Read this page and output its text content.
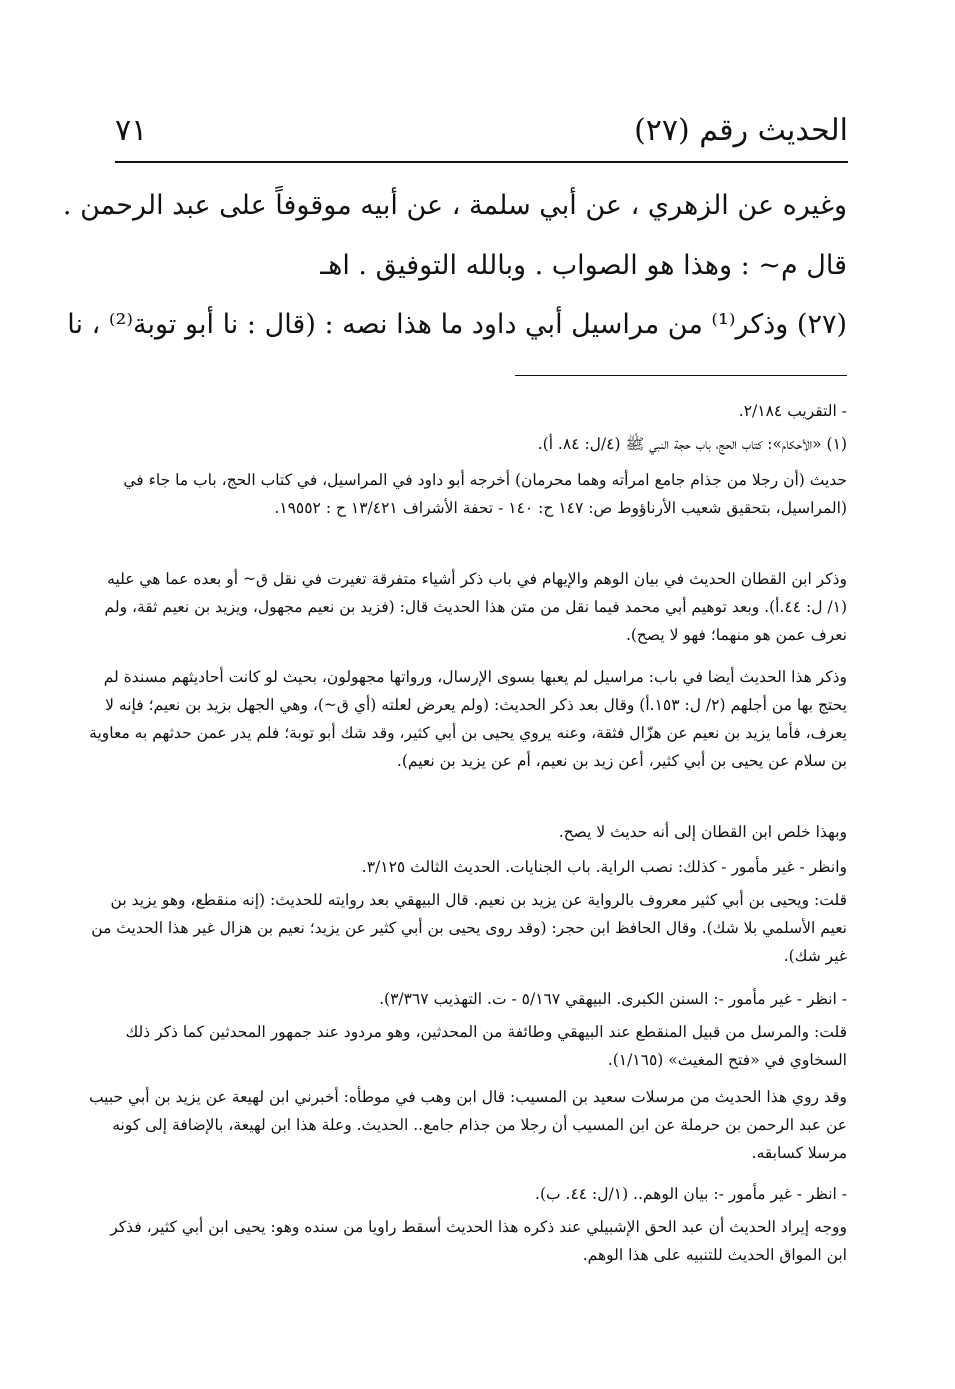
الحديث رقم (٢٧)
٧١
وغيره عن الزهري ، عن أبي سلمة ، عن أبيه موقوفاً على عبد الرحمن .
قال م~ : وهذا هو الصواب . وبالله التوفيق . اهـ
(٢٧) وذكر⁽¹⁾ من مراسيل أبي داود ما هذا نصه : (قال : نا أبو توبة⁽²⁾ ، نا
- التقريب ٢/١٨٤.
(١) «الأحكام»: كتاب الحج، باب حجة النبي ﷺ (٤/ل: ٨٤. أ).
حديث (أن رجلا من جذام جامع امرأته وهما محرمان) أخرجه أبو داود في المراسيل، في كتاب الحج، باب ما جاء في (المراسيل، بتحقيق شعيب الأرناؤوط ص: ١٤٧ ح: ١٤٠ - تحفة الأشراف ١٣/٤٢١ ح : ١٩٥٥٢.
وذكر ابن القطان الحديث في بيان الوهم والإيهام في باب ذكر أشياء متفرقة تغيرت في نقل ق~ أو بعده عما هي عليه (١/ ل: ٤٤.أ). وبعد توهيم أبي محمد فيما نقل من متن هذا الحديث قال: (فزيد بن نعيم مجهول، ويزيد بن نعيم ثقة، ولم نعرف عمن هو منهما؛ فهو لا يصح).
وذكر هذا الحديث أيضا في باب: مراسيل لم يعبها بسوى الإرسال، ورواتها مجهولون، بحيث لو كانت أحاديثهم مسندة لم يحتج بها من أجلهم (٢/ ل: ١٥٣.أ) وقال بعد ذكر الحديث: (ولم يعرض لعلته (أي ق~)، وهي الجهل بزيد بن نعيم؛ فإنه لا يعرف، فأما يزيد بن نعيم عن هزّال فثقة، وعنه يروي يحيى بن أبي كثير، وقد شك أبو توبة؛ فلم يدر عمن حدثهم به معاوية بن سلام عن يحيى بن أبي كثير، أعن زيد بن نعيم، أم عن يزيد بن نعيم).
وبهذا خلص ابن القطان إلى أنه حديث لا يصح.
وانظر - غير مأمور - كذلك: نصب الراية. باب الجنايات. الحديث الثالث ٣/١٢٥.
قلت: ويحيى بن أبي كثير معروف بالرواية عن يزيد بن نعيم. قال البيهقي بعد روايته للحديث: (إنه منقطع، وهو يزيد بن نعيم الأسلمي بلا شك). وقال الحافظ ابن حجر: (وقد روى يحيى بن أبي كثير عن يزيد؛ نعيم بن هزال غير هذا الحديث من غير شك).
- انظر - غير مأمور -: السنن الكبرى. البيهقي ٥/١٦٧ - ت. التهذيب ٣/٣٦٧).
قلت: والمرسل من قبيل المنقطع عند البيهقي وطائفة من المحدثين، وهو مردود عند جمهور المحدثين كما ذكر ذلك السخاوي في «فتح المغيث» (١/١٦٥).
وقد روي هذا الحديث من مرسلات سعيد بن المسيب: قال ابن وهب في موطأه: أخبرني ابن لهيعة عن يزيد بن أبي حبيب عن عبد الرحمن بن حرملة عن ابن المسيب أن رجلا من جذام جامع.. الحديث. وعلة هذا ابن لهيعة، بالإضافة إلى كونه مرسلا كسابقه.
- انظر - غير مأمور -: بيان الوهم.. (١/ل: ٤٤. ب).
ووجه إيراد الحديث أن عبد الحق الإشبيلي عند ذكره هذا الحديث أسقط راويا من سنده وهو: يحيى ابن أبي كثير، فذكر ابن المواق الحديث للتنبيه على هذا الوهم.
